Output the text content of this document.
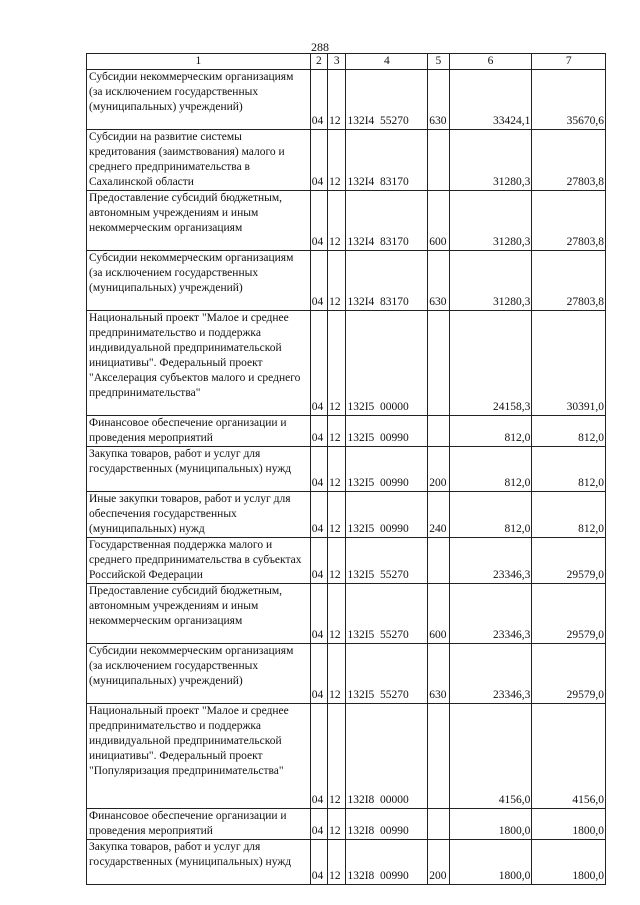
288
1	2	3	4	5	6	7
Субсидии некоммерческим организациям (за исключением государственных (муниципальных) учреждений)	04	12	132I4  55270	630	33424,1	35670,6
Субсидии на развитие системы кредитования (заимствования) малого и среднего предпринимательства в Сахалинской области	04	12	132I4  83170		31280,3	27803,8
Предоставление субсидий бюджетным, автономным учреждениям и иным некоммерческим организациям	04	12	132I4  83170	600	31280,3	27803,8
Субсидии некоммерческим организациям (за исключением государственных (муниципальных) учреждений)	04	12	132I4  83170	630	31280,3	27803,8
Национальный проект "Малое и среднее предпринимательство и поддержка индивидуальной предпринимательской инициативы". Федеральный проект "Акселерация субъектов малого и среднего предпринимательства"	04	12	132I5  00000		24158,3	30391,0
Финансовое обеспечение организации и проведения мероприятий	04	12	132I5  00990		812,0	812,0
Закупка товаров, работ и услуг для государственных (муниципальных) нужд	04	12	132I5  00990	200	812,0	812,0
Иные закупки товаров, работ и услуг для обеспечения государственных (муниципальных) нужд	04	12	132I5  00990	240	812,0	812,0
Государственная поддержка малого и среднего предпринимательства в субъектах Российской Федерации	04	12	132I5  55270		23346,3	29579,0
Предоставление субсидий бюджетным, автономным учреждениям и иным некоммерческим организациям	04	12	132I5  55270	600	23346,3	29579,0
Субсидии некоммерческим организациям (за исключением государственных (муниципальных) учреждений)	04	12	132I5  55270	630	23346,3	29579,0
Национальный проект "Малое и среднее предпринимательство и поддержка индивидуальной предпринимательской инициативы". Федеральный проект "Популяризация предпринимательства"	04	12	132I8  00000		4156,0	4156,0
Финансовое обеспечение организации и проведения мероприятий	04	12	132I8  00990		1800,0	1800,0
Закупка товаров, работ и услуг для государственных (муниципальных) нужд	04	12	132I8  00990	200	1800,0	1800,0
